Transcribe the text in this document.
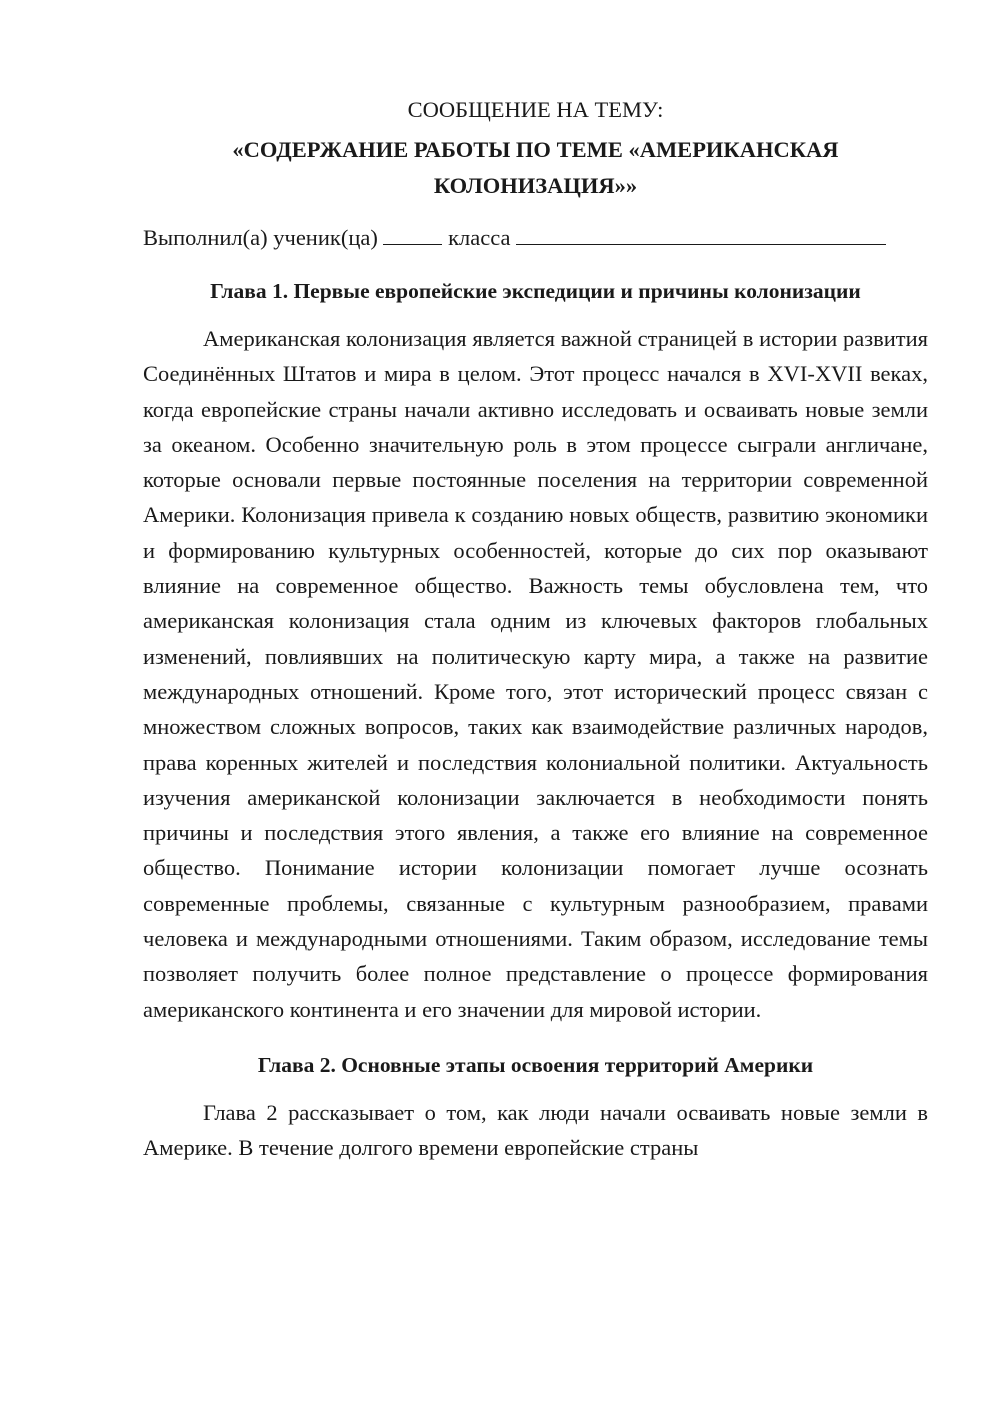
СООБЩЕНИЕ НА ТЕМУ:

«СОДЕРЖАНИЕ РАБОТЫ ПО ТЕМЕ «АМЕРИКАНСКАЯ КОЛОНИЗАЦИЯ»»

Выполнил(а) ученик(ца)	класса

Глава 1. Первые европейские экспедиции и причины колонизации

Американская колонизация является важной страницей в истории развития Соединённых Штатов и мира в целом. Этот процесс начался в XVI-XVII веках, когда европейские страны начали активно исследовать и осваивать новые земли за океаном. Особенно значительную роль в этом процессе сыграли англичане, которые основали первые постоянные поселения на территории современной Америки. Колонизация привела к созданию новых обществ, развитию экономики и формированию культурных особенностей, которые до сих пор оказывают влияние на современное общество. Важность темы обусловлена тем, что американская колонизация стала одним из ключевых факторов глобальных изменений, повлиявших на политическую карту мира, а также на развитие международных отношений. Кроме того, этот исторический процесс связан с множеством сложных вопросов, таких как взаимодействие различных народов, права коренных жителей и последствия колониальной политики. Актуальность изучения американской колонизации заключается в необходимости понять причины и последствия этого явления, а также его влияние на современное общество. Понимание истории колонизации помогает лучше осознать современные проблемы, связанные с культурным разнообразием, правами человека и международными отношениями. Таким образом, исследование темы позволяет получить более полное представление о процессе формирования американского континента и его значении для мировой истории.

Глава 2. Основные этапы освоения территорий Америки

Глава 2 рассказывает о том, как люди начали осваивать новые земли в Америке. В течение долгого времени европейские страны
